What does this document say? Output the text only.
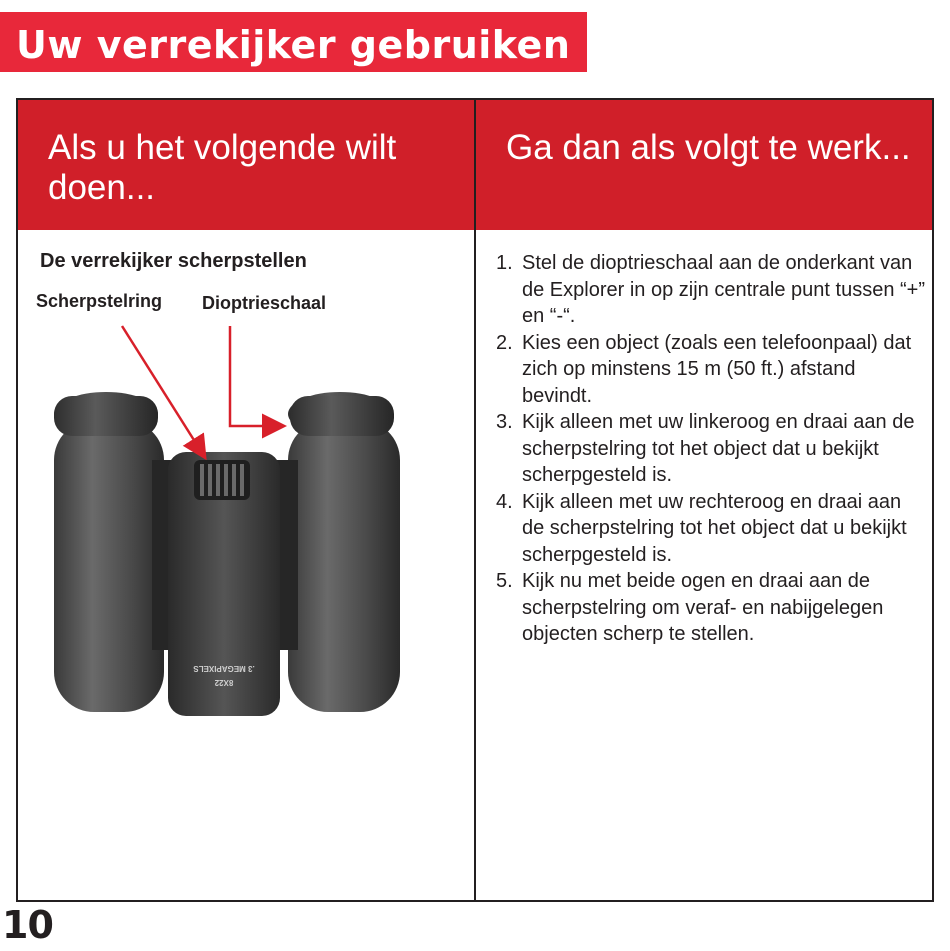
Uw verrekijker gebruiken
Als u het volgende wilt doen...
Ga dan als volgt te werk...
De verrekijker scherpstellen
Scherpstelring Dioptrieschaal
8X22
.3 MEGAPIXELS
1. Stel de dioptrieschaal aan de onderkant van de Explorer in op zijn centrale punt tussen “+” en “-“.
2. Kies een object (zoals een telefoonpaal) dat zich op minstens 15 m (50 ft.) afstand bevindt.
3. Kijk alleen met uw linkeroog en draai aan de scherpstelring tot het object dat u bekijkt scherpgesteld is.
4. Kijk alleen met uw rechteroog en draai aan de scherpstelring tot het object dat u bekijkt scherpgesteld is.
5. Kijk nu met beide ogen en draai aan de scherpstelring om veraf- en nabijgelegen objecten scherp te stellen.
10
